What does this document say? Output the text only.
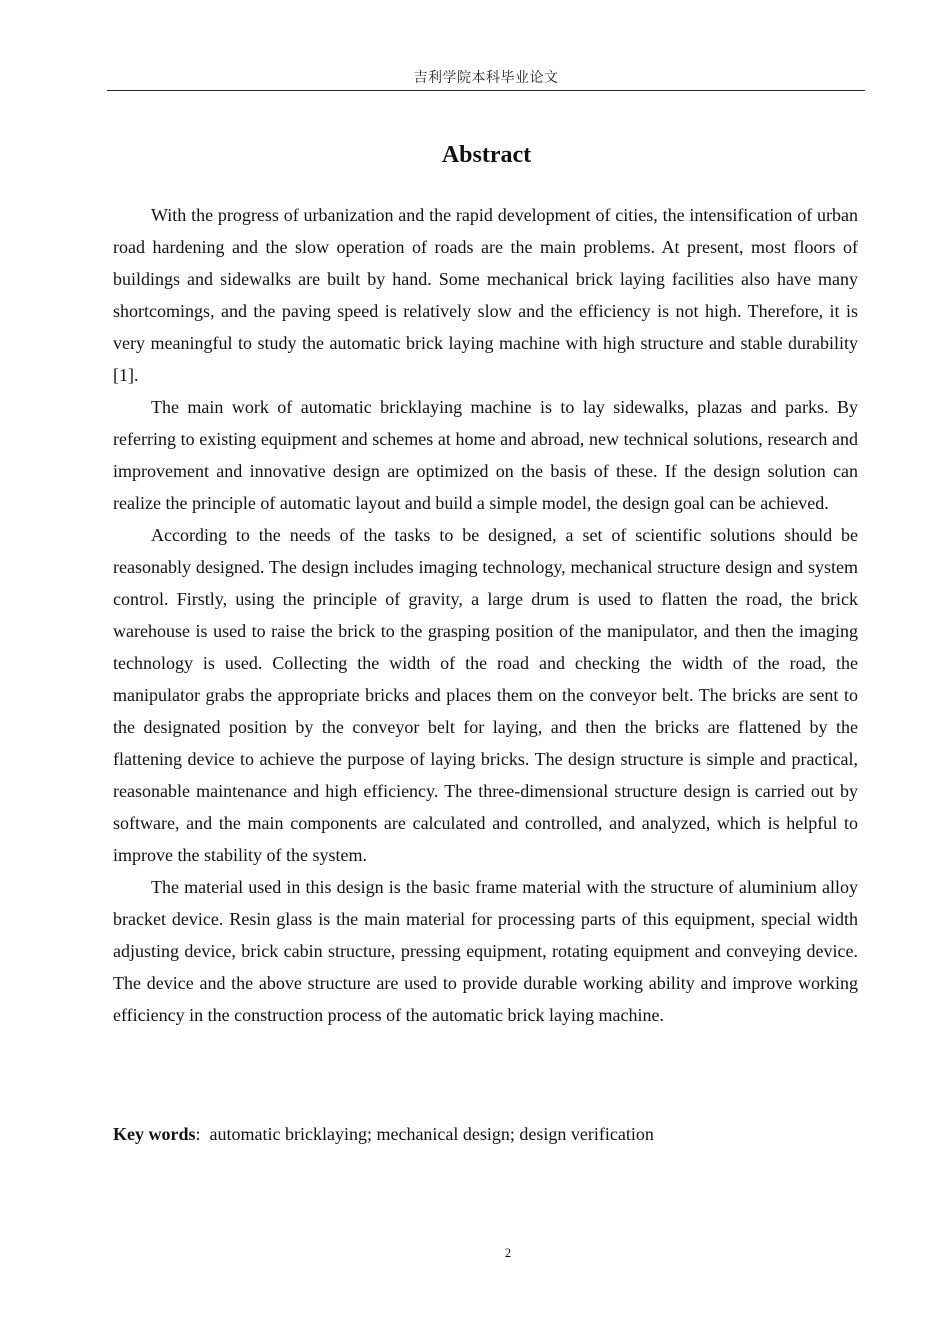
吉利学院本科毕业论文
Abstract

With the progress of urbanization and the rapid development of cities, the intensification of urban road hardening and the slow operation of roads are the main problems. At present, most floors of buildings and sidewalks are built by hand. Some mechanical brick laying facilities also have many shortcomings, and the paving speed is relatively slow and the efficiency is not high. Therefore, it is very meaningful to study the automatic brick laying machine with high structure and stable durability [1].

The main work of automatic bricklaying machine is to lay sidewalks, plazas and parks. By referring to existing equipment and schemes at home and abroad, new technical solutions, research and improvement and innovative design are optimized on the basis of these. If the design solution can realize the principle of automatic layout and build a simple model, the design goal can be achieved.

According to the needs of the tasks to be designed, a set of scientific solutions should be reasonably designed. The design includes imaging technology, mechanical structure design and system control. Firstly, using the principle of gravity, a large drum is used to flatten the road, the brick warehouse is used to raise the brick to the grasping position of the manipulator, and then the imaging technology is used. Collecting the width of the road and checking the width of the road, the manipulator grabs the appropriate bricks and places them on the conveyor belt. The bricks are sent to the designated position by the conveyor belt for laying, and then the bricks are flattened by the flattening device to achieve the purpose of laying bricks. The design structure is simple and practical, reasonable maintenance and high efficiency. The three-dimensional structure design is carried out by software, and the main components are calculated and controlled, and analyzed, which is helpful to improve the stability of the system.

The material used in this design is the basic frame material with the structure of aluminium alloy bracket device. Resin glass is the main material for processing parts of this equipment, special width adjusting device, brick cabin structure, pressing equipment, rotating equipment and conveying device. The device and the above structure are used to provide durable working ability and improve working efficiency in the construction process of the automatic brick laying machine.

Key words: automatic bricklaying; mechanical design; design verification
2
